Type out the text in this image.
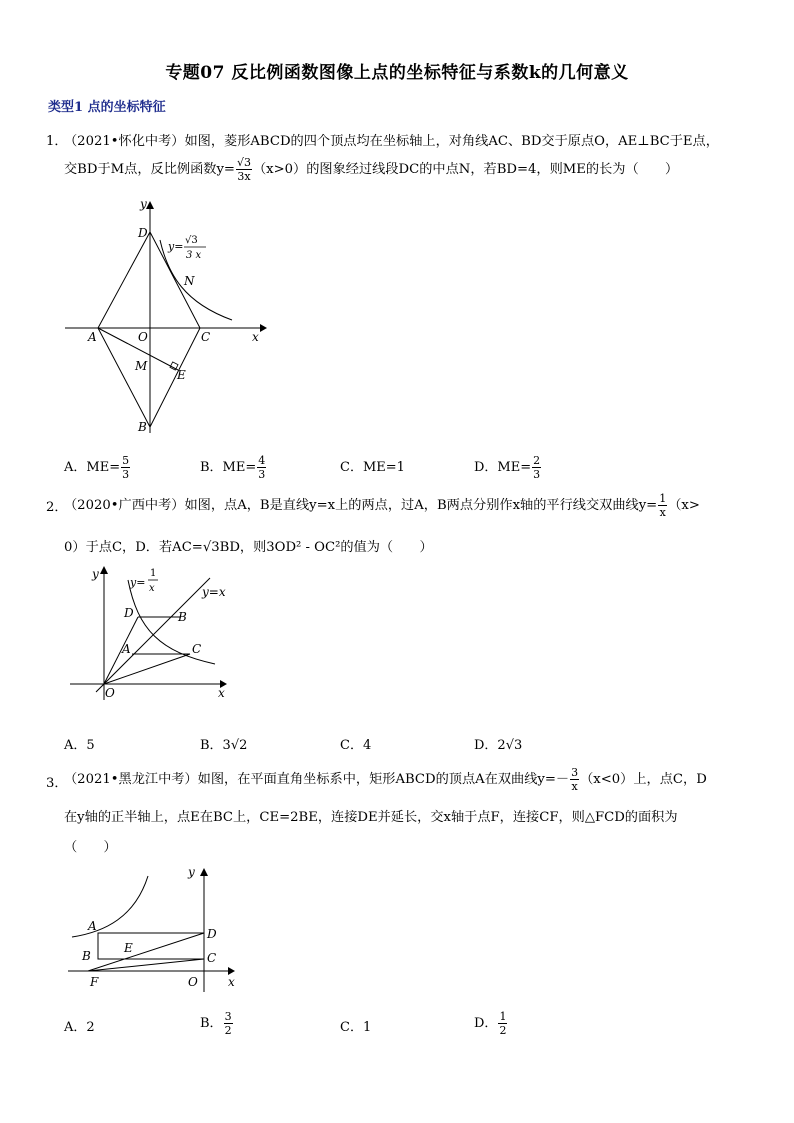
专题07 反比例函数图像上点的坐标特征与系数k的几何意义
类型1 点的坐标特征
1．
（2021•怀化中考）如图，菱形ABCD的四个顶点均在坐标轴上，对角线AC、BD交于原点O，AE⊥BC于E点，
交BD于M点，反比例函数$y= \frac{√3}{3x} (x>0)$的图象经过线段DC的中点N，若BD=4，则ME的长为（　　）
y
x
D
N
A	O	C
M
E
B
y= √3
3 x
A．$ME= \frac{5}{3}$	B．$ME= \frac{4}{3}$	C．ME=1	D．$ME= \frac{2}{3}$
2．
（2020•广西中考）如图，点A，B是直线y=x上的两点，过A，B两点分别作x轴的平行线交双曲线$y= \frac{1}{x} (x>$
0）于点C，D．若AC=√3BD，则3OD² - OC²的值为（　　）
y
x
y=
1
x	y=x
D	B
A	C
O
A．5	B．3√2	C．4	D．2√3
3．
（2021•黑龙江中考）如图，在平面直角坐标系中，矩形ABCD的顶点A在双曲线$y=- \frac{3}{x} (x<0)$上，点C，D
在y轴的正半轴上，点E在BC上，CE=2BE，连接DE并延长，交x轴于点F，连接CF，则△FCD的面积为
（　　）
y
x
A
D
E
B	C
F	O
A．2	B． $\frac{3}{2}$	C．1	D． $\frac{1}{2}$
